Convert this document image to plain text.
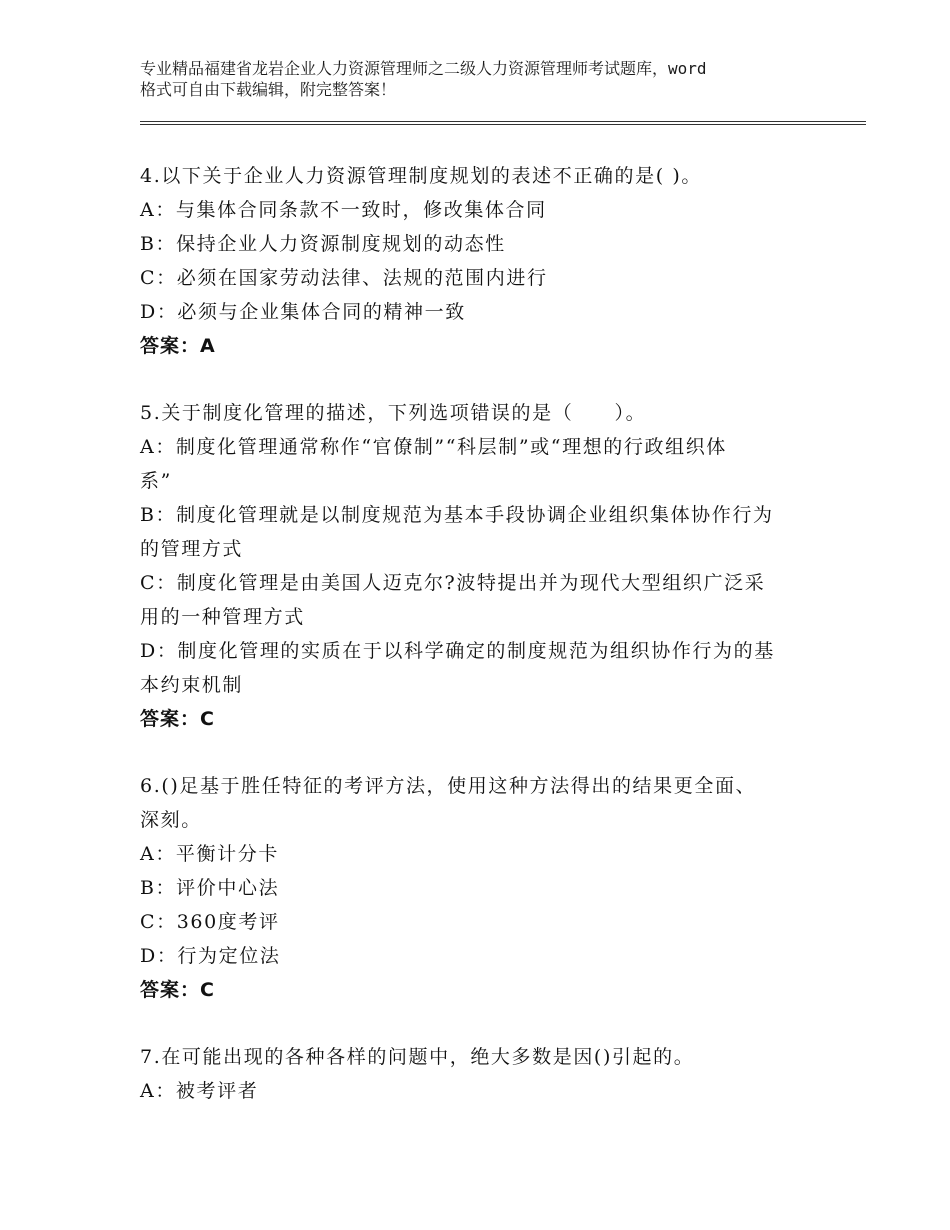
专业精品福建省龙岩企业人力资源管理师之二级人力资源管理师考试题库，word
格式可自由下载编辑，附完整答案！
4.以下关于企业人力资源管理制度规划的表述不正确的是( )。
A：与集体合同条款不一致时，修改集体合同
B：保持企业人力资源制度规划的动态性
C：必须在国家劳动法律、法规的范围内进行
D：必须与企业集体合同的精神一致
答案：A
5.关于制度化管理的描述，下列选项错误的是（　　）。
A：制度化管理通常称作“官僚制”“科层制”或“理想的行政组织体
系”
B：制度化管理就是以制度规范为基本手段协调企业组织集体协作行为
的管理方式
C：制度化管理是由美国人迈克尔?波特提出并为现代大型组织广泛采
用的一种管理方式
D：制度化管理的实质在于以科学确定的制度规范为组织协作行为的基
本约束机制
答案：C
6.()足基于胜任特征的考评方法，使用这种方法得出的结果更全面、
深刻。
A：平衡计分卡
B：评价中心法
C：360度考评
D：行为定位法
答案：C
7.在可能出现的各种各样的问题中，绝大多数是因()引起的。
A：被考评者
